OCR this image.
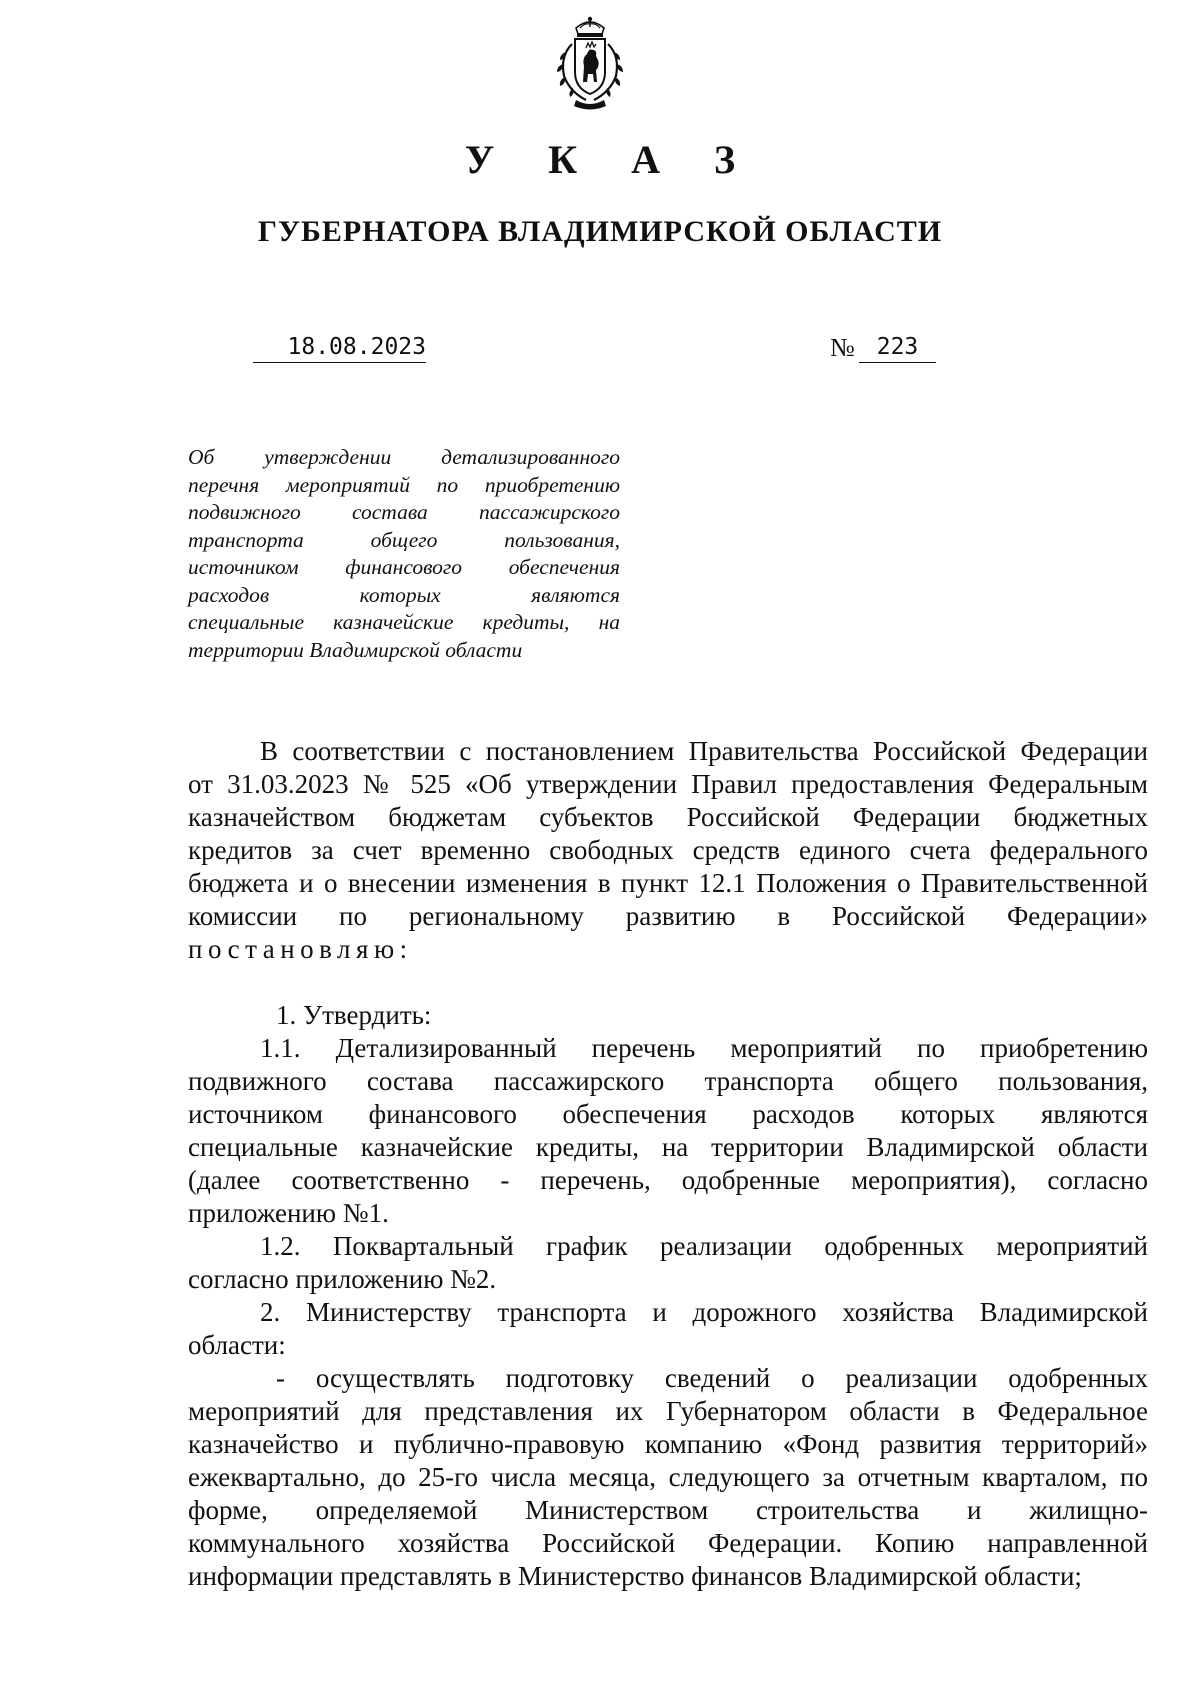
У К А З
ГУБЕРНАТОРА ВЛАДИМИРСКОЙ ОБЛАСТИ
18.08.2023	№ 223
Об утверждении детализированного
перечня мероприятий по приобретению
подвижного состава пассажирского
транспорта общего пользования,
источником финансового обеспечения
расходов которых являются
специальные казначейские кредиты, на
территории Владимирской области
В соответствии с постановлением Правительства Российской Федерации
от 31.03.2023 № 525 «Об утверждении Правил предоставления Федеральным
казначейством бюджетам субъектов Российской Федерации бюджетных
кредитов за счет временно свободных средств единого счета федерального
бюджета и о внесении изменения в пункт 12.1 Положения о Правительственной
комиссии по региональному развитию в Российской Федерации»
постановляю:
1. Утвердить:
1.1. Детализированный перечень мероприятий по приобретению
подвижного состава пассажирского транспорта общего пользования,
источником финансового обеспечения расходов которых являются
специальные казначейские кредиты, на территории Владимирской области
(далее соответственно - перечень, одобренные мероприятия), согласно
приложению №1.
1.2. Поквартальный график реализации одобренных мероприятий
согласно приложению №2.
2. Министерству транспорта и дорожного хозяйства Владимирской
области:
- осуществлять подготовку сведений о реализации одобренных
мероприятий для представления их Губернатором области в Федеральное
казначейство и публично-правовую компанию «Фонд развития территорий»
ежеквартально, до 25-го числа месяца, следующего за отчетным кварталом, по
форме, определяемой Министерством строительства и жилищно-
коммунального хозяйства Российской Федерации. Копию направленной
информации представлять в Министерство финансов Владимирской области;
